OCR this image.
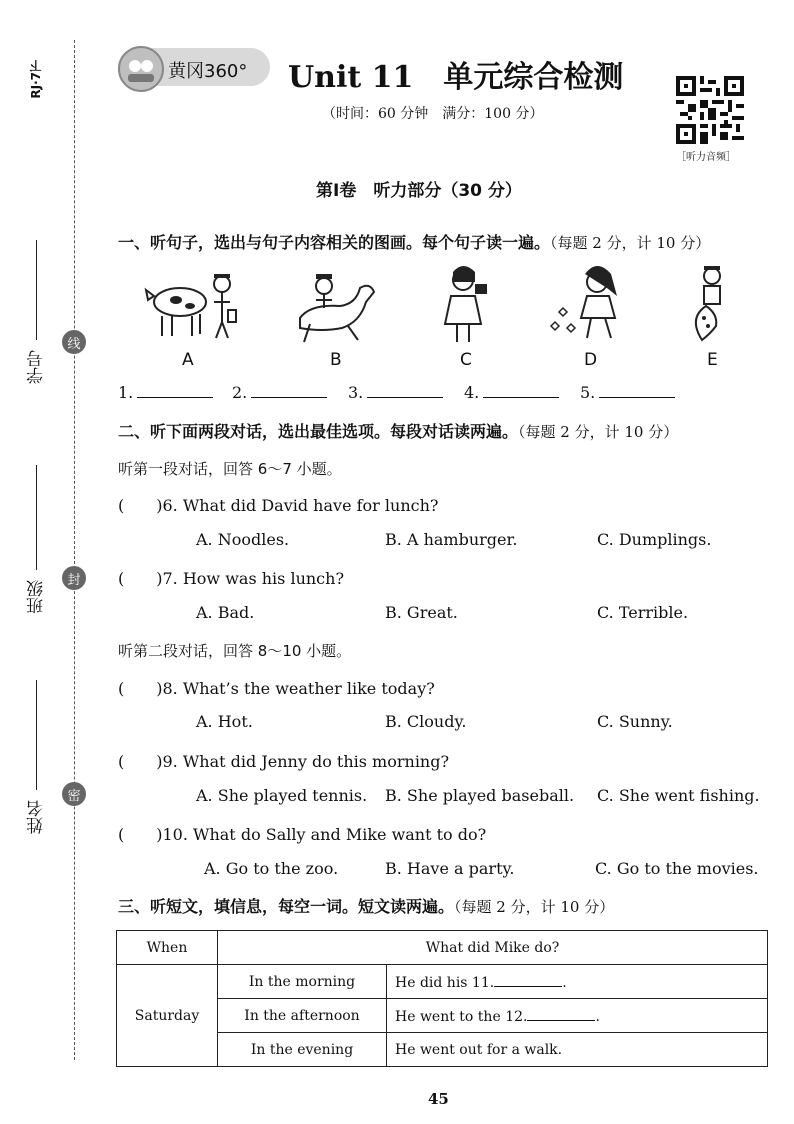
RJ·7下
学号
班级
姓名
线
封
密
黄冈360° Unit 11　单元综合检测
（时间：60 分钟　满分：100 分）
［听力音频］
第Ⅰ卷　听力部分（30 分）
一、听句子，选出与句子内容相关的图画。每个句子读一遍。（每题 2 分，计 10 分）
A	B	C	D	E
1.	2.	3.	4.	5.
二、听下面两段对话，选出最佳选项。每段对话读两遍。（每题 2 分，计 10 分）
听第一段对话，回答 6～7 小题。
(　　)6. What did David have for lunch?
A. Noodles.	B. A hamburger.	C. Dumplings.
(　　)7. How was his lunch?
A. Bad.	B. Great.	C. Terrible.
听第二段对话，回答 8～10 小题。
(　　)8. What’s the weather like today?
A. Hot.	B. Cloudy.	C. Sunny.
(　　)9. What did Jenny do this morning?
A. She played tennis. B. She played baseball. C. She went fishing.
(　　)10. What do Sally and Mike want to do?
A. Go to the zoo.	B. Have a party.	C. Go to the movies.
三、听短文，填信息，每空一词。短文读两遍。（每题 2 分，计 10 分）
When	What did Mike do?	
Saturday	In the morning	He did his 11. .
	In the afternoon	He went to the 12. .
	In the evening	He went out for a walk.
45
